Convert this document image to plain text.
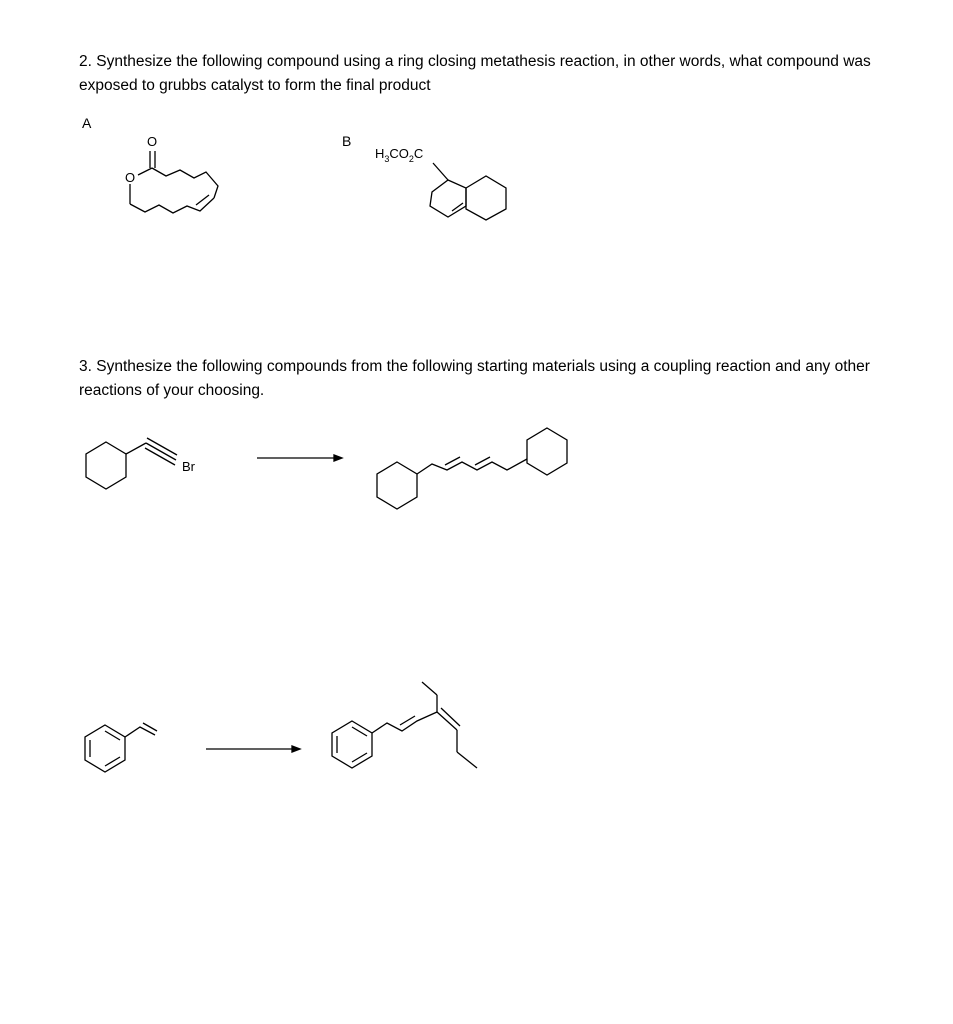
2. Synthesize the following compound using a ring closing metathesis reaction, in other words, what compound was exposed to grubbs catalyst to form the final product

A
B

3. Synthesize the following compounds from the following starting materials using a coupling reaction and any other reactions of your choosing.

O
O
$H_3CO_2C$
Br
